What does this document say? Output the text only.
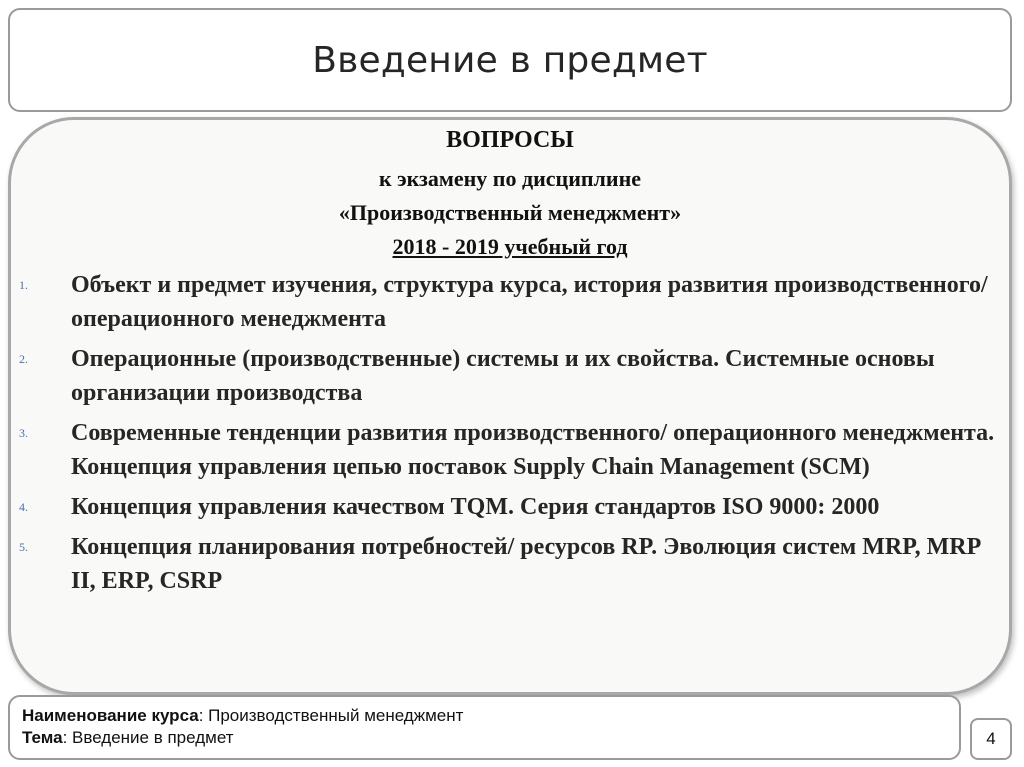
Введение в предмет
ВОПРОСЫ
к экзамену по дисциплине
«Производственный менеджмент»
2018 - 2019 учебный год
1. Объект и предмет изучения, структура курса, история развития производственного/ операционного менеджмента
2. Операционные (производственные) системы и их свойства. Системные основы организации производства
3. Современные тенденции развития производственного/ операционного менеджмента. Концепция управления цепью поставок Supply Chain Management (SCM)
4. Концепция управления качеством TQM. Серия стандартов ISO 9000: 2000
5. Концепция планирования потребностей/ ресурсов RP. Эволюция систем MRP, MRP II, ERP, CSRP
Наименование курса: Производственный менеджмент
Тема: Введение в предмет	4
